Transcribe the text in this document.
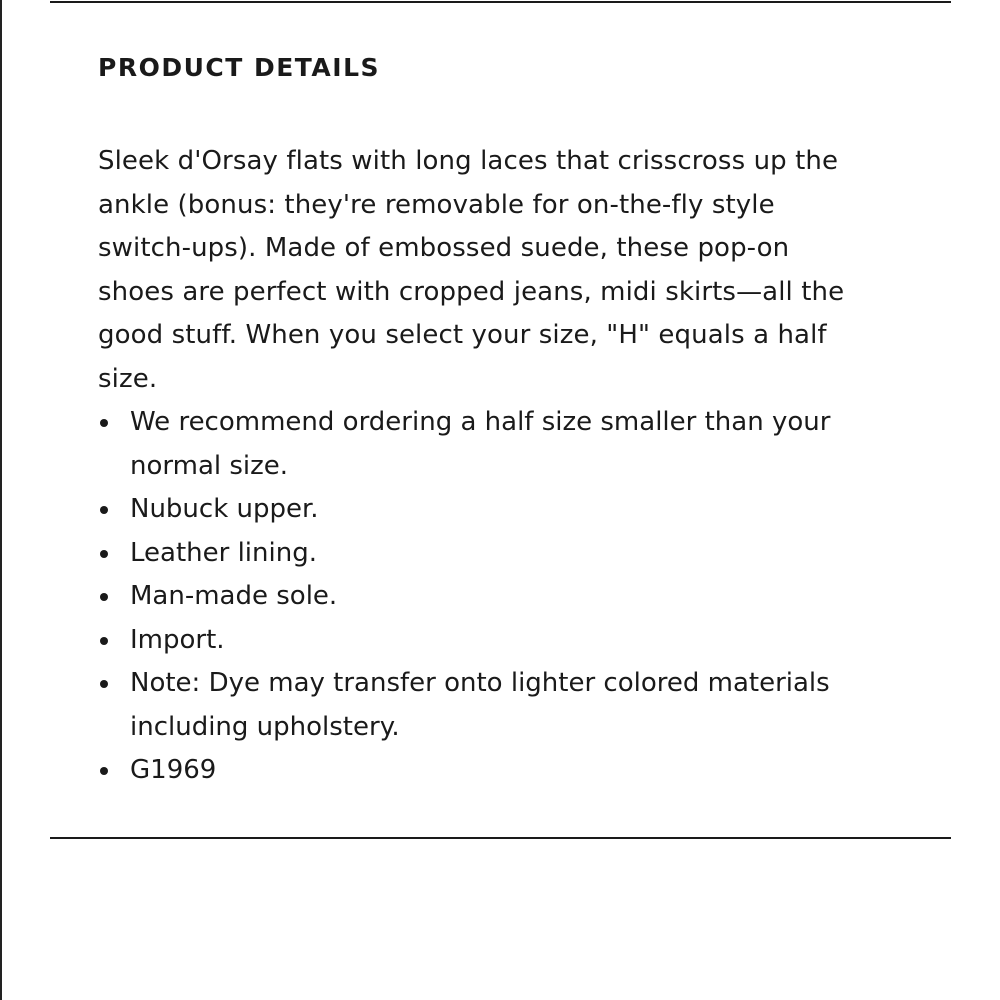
PRODUCT DETAILS

Sleek d'Orsay flats with long laces that crisscross up the ankle (bonus: they're removable for on-the-fly style switch-ups). Made of embossed suede, these pop-on shoes are perfect with cropped jeans, midi skirts—all the good stuff. When you select your size, "H" equals a half size.

We recommend ordering a half size smaller than your normal size.
Nubuck upper.
Leather lining.
Man-made sole.
Import.
Note: Dye may transfer onto lighter colored materials including upholstery.
G1969
